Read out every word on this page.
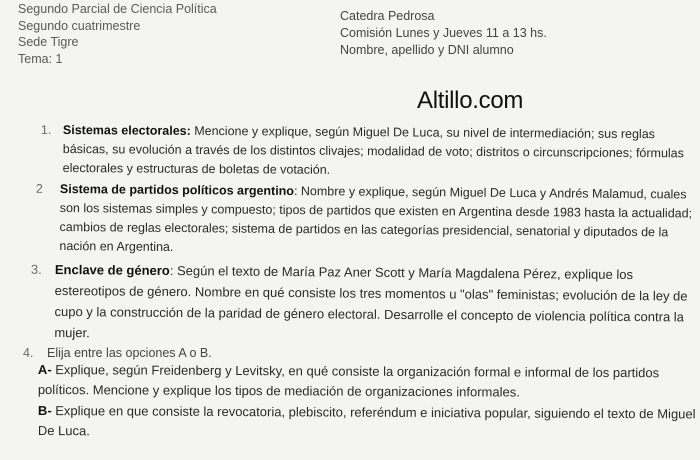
Segundo Parcial de Ciencia Política
Segundo cuatrimestre
Sede Tigre
Tema: 1
Catedra Pedrosa
Comisión Lunes y Jueves 11 a 13 hs.
Nombre, apellido y DNI alumno
Altillo.com
1. Sistemas electorales: Mencione y explique, según Miguel De Luca, su nivel de intermediación; sus reglas básicas, su evolución a través de los distintos clivajes; modalidad de voto; distritos o circunscripciones; fórmulas electorales y estructuras de boletas de votación.
2 Sistema de partidos políticos argentino: Nombre y explique, según Miguel De Luca y Andrés Malamud, cuales son los sistemas simples y compuesto; tipos de partidos que existen en Argentina desde 1983 hasta la actualidad; cambios de reglas electorales; sistema de partidos en las categorías presidencial, senatorial y diputados de la nación en Argentina.
3. Enclave de género: Según el texto de María Paz Aner Scott y María Magdalena Pérez, explique los estereotipos de género. Nombre en qué consiste los tres momentos u "olas" feministas; evolución de la ley de cupo y la construcción de la paridad de género electoral. Desarrolle el concepto de violencia política contra la mujer.
4. Elija entre las opciones A o B.
A- Explique, según Freidenberg y Levitsky, en qué consiste la organización formal e informal de los partidos políticos. Mencione y explique los tipos de mediación de organizaciones informales.
B- Explique en que consiste la revocatoria, plebiscito, referéndum e iniciativa popular, siguiendo el texto de Miguel De Luca.
